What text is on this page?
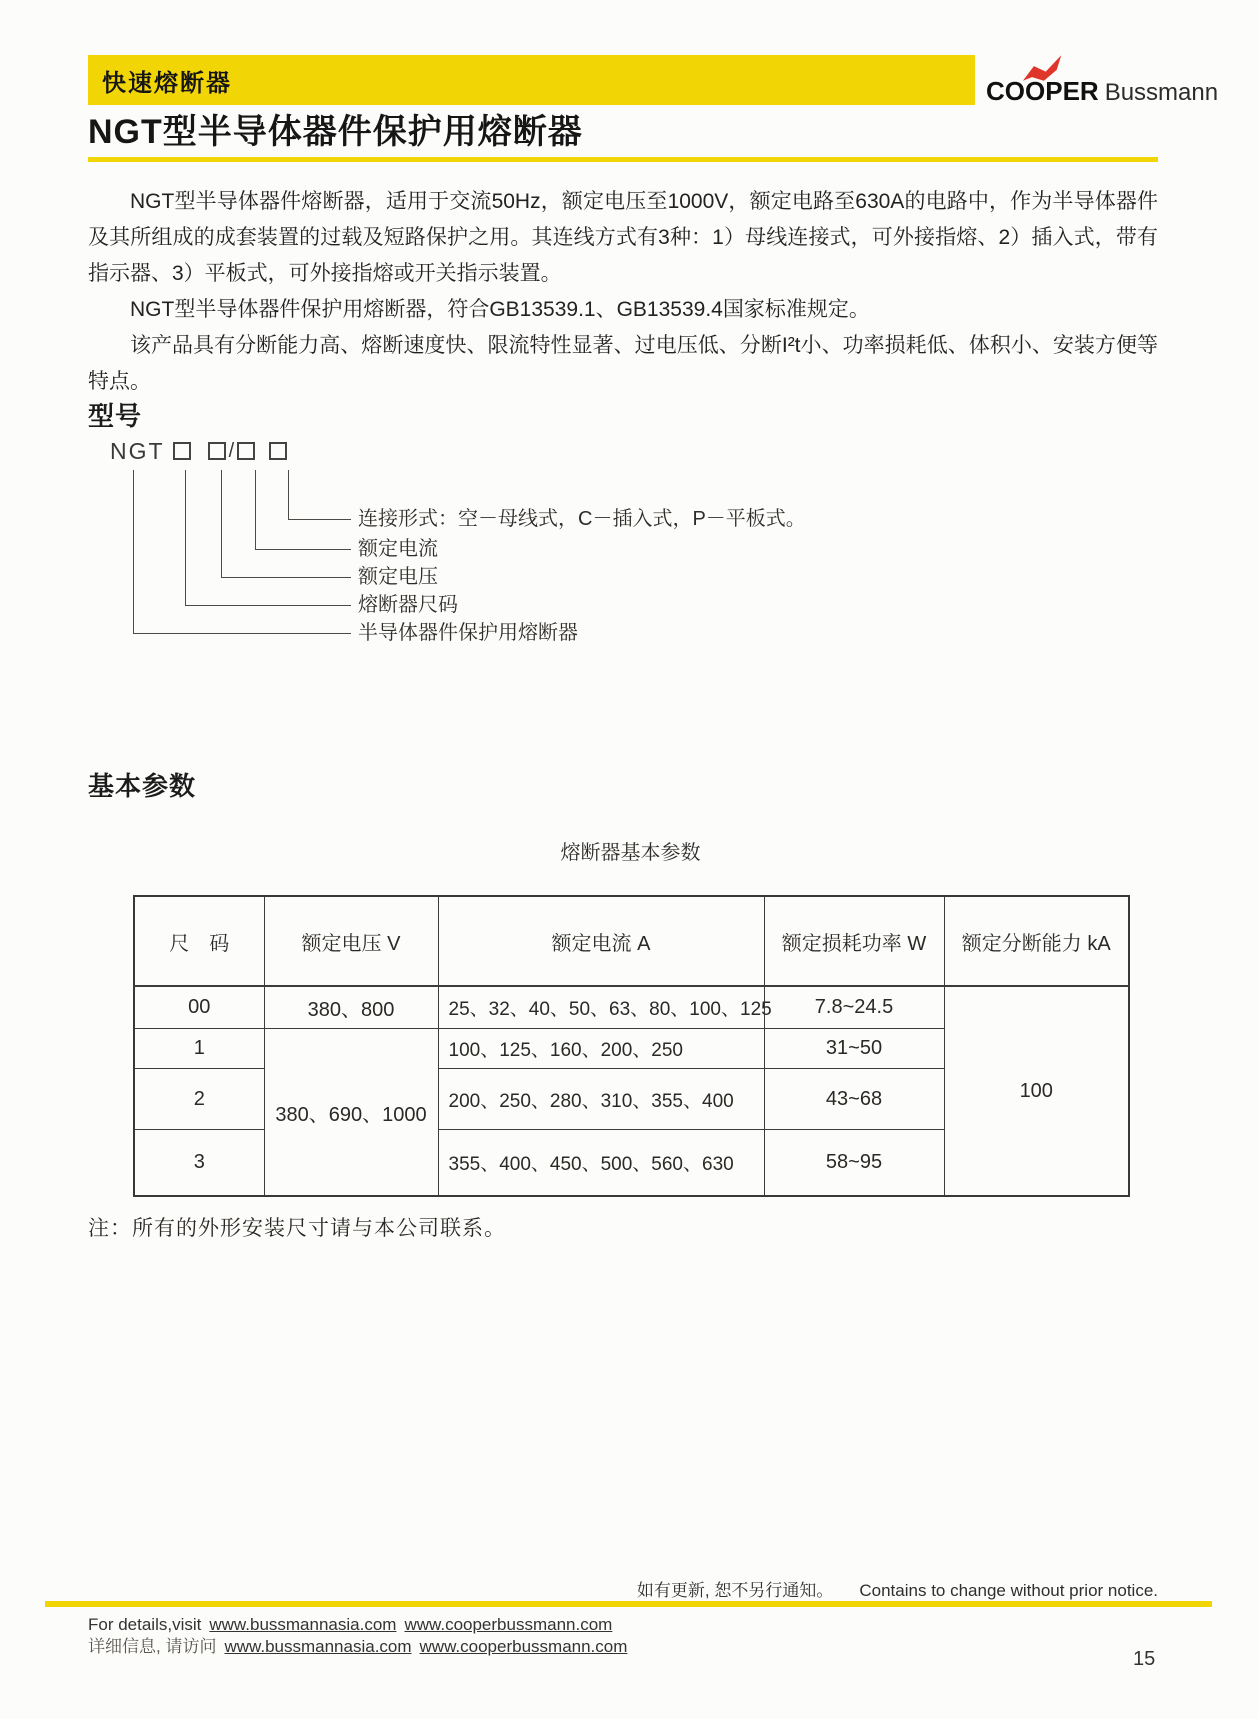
快速熔断器	COOPER Bussmann
NGT型半导体器件保护用熔断器

NGT型半导体器件熔断器，适用于交流50Hz，额定电压至1000V，额定电路至630A的电路中，作为半导体器件及其所组成的成套装置的过载及短路保护之用。其连线方式有3种：1）母线连接式，可外接指熔、2）插入式，带有指示器、3）平板式，可外接指熔或开关指示装置。

NGT型半导体器件保护用熔断器，符合GB13539.1、GB13539.4国家标准规定。

该产品具有分断能力高、熔断速度快、限流特性显著、过电压低、分断I²t小、功率损耗低、体积小、安装方便等特点。

型号
NGT	/
连接形式：空－母线式，C－插入式，P－平板式。
额定电流
额定电压
熔断器尺码
半导体器件保护用熔断器
基本参数
熔断器基本参数
尺　码	额定电压 V	额定电流 A	额定损耗功率 W	额定分断能力 kA
00	380、800	25、32、40、50、63、80、100、125	7.8~24.5	100
1	380、690、1000	100、125、160、200、250	31~50	
2		200、250、280、310、355、400	43~68	
3		355、400、450、500、560、630	58~95	

注：所有的外形安装尺寸请与本公司联系。

如有更新, 恕不另行通知。 Contains to change without prior notice.
For details,visit www.bussmannasia.com www.cooperbussmann.com
详细信息, 请访问 www.bussmannasia.com www.cooperbussmann.com
15
